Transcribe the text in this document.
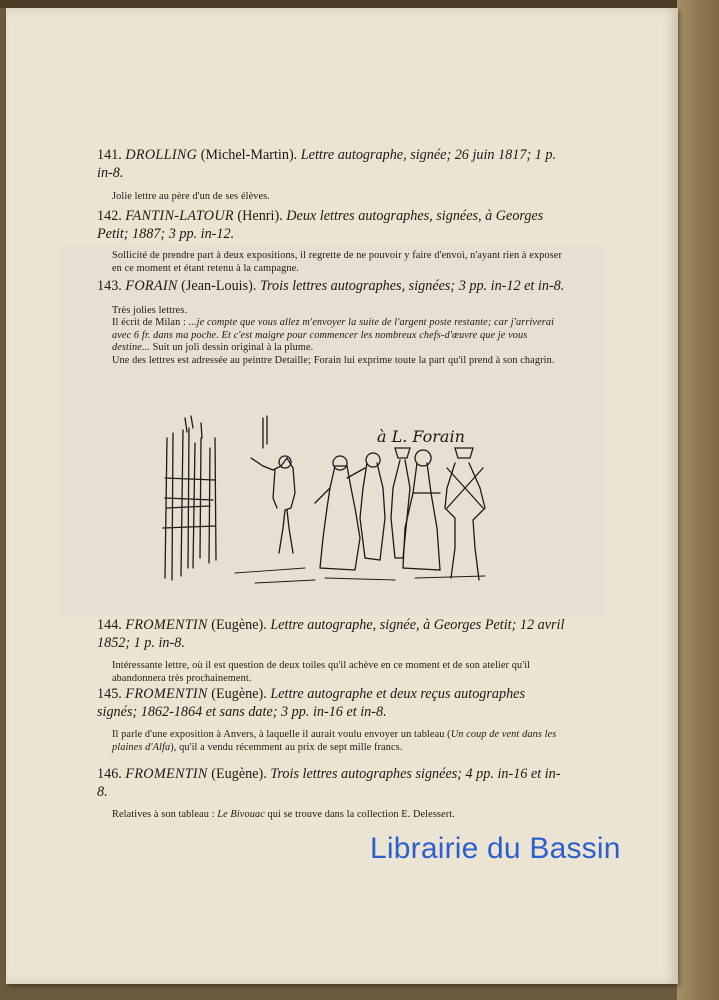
141. DROLLING (Michel-Martin). Lettre autographe, signée; 26 juin 1817; 1 p. in-8.

Jolie lettre au père d'un de ses élèves.

142. FANTIN-LATOUR (Henri). Deux lettres autographes, signées, à Georges Petit; 1887; 3 pp. in-12.

Sollicité de prendre part à deux expositions, il regrette de ne pouvoir y faire d'envoi, n'ayant rien à exposer en ce moment et étant retenu à la campagne.

143. FORAIN (Jean-Louis). Trois lettres autographes, signées; 3 pp. in-12 et in-8.

Très jolies lettres.
Il écrit de Milan : ...je compte que vous allez m'envoyer la suite de l'argent poste restante; car j'arriverai avec 6 fr. dans ma poche. Et c'est maigre pour commencer les nombreux chefs-d'œuvre que je vous destine... Suit un joli dessin original à la plume.
Une des lettres est adressée au peintre Detaille; Forain lui exprime toute la part qu'il prend à son chagrin.

à L. Forain

144. FROMENTIN (Eugène). Lettre autographe, signée, à Georges Petit; 12 avril 1852; 1 p. in-8.

Intéressante lettre, où il est question de deux toiles qu'il achève en ce moment et de son atelier qu'il abandonnera très prochainement.

145. FROMENTIN (Eugène). Lettre autographe et deux reçus autographes signés; 1862-1864 et sans date; 3 pp. in-16 et in-8.

Il parle d'une exposition à Anvers, à laquelle il aurait voulu envoyer un tableau (Un coup de vent dans les plaines d'Alfa), qu'il a vendu récemment au prix de sept mille francs.

146. FROMENTIN (Eugène). Trois lettres autographes signées; 4 pp. in-16 et in-8.

Relatives à son tableau : Le Bivouac qui se trouve dans la collection E. Delessert.

Librairie du Bassin
